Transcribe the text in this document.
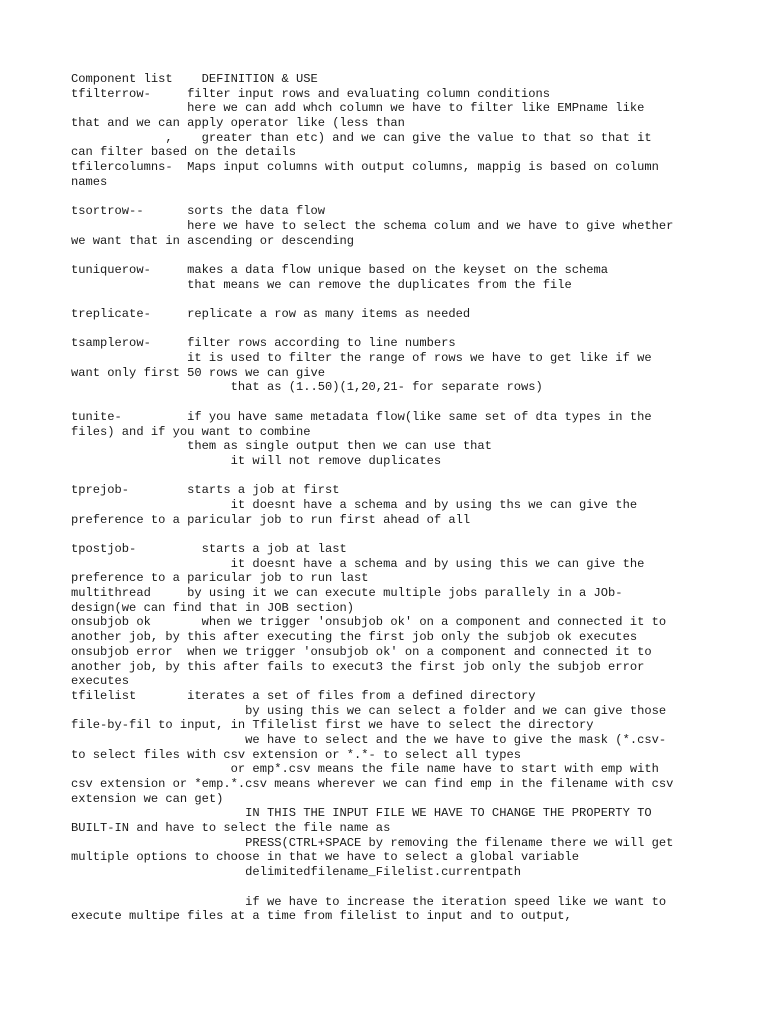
Component list    DEFINITION & USE
tfilterrow-     filter input rows and evaluating column conditions
here we can add whch column we have to filter like EMPname like
that and we can apply operator like (less than
,    greater than etc) and we can give the value to that so that it
can filter based on the details
tfilercolumns-  Maps input columns with output columns, mappig is based on column
names
tsortrow--      sorts the data flow
here we have to select the schema colum and we have to give whether
we want that in ascending or descending
tuniquerow-     makes a data flow unique based on the keyset on the schema
that means we can remove the duplicates from the file
treplicate-     replicate a row as many items as needed
tsamplerow-     filter rows according to line numbers
it is used to filter the range of rows we have to get like if we
want only first 50 rows we can give
that as (1..50)(1,20,21- for separate rows)
tunite-         if you have same metadata flow(like same set of dta types in the
files) and if you want to combine
them as single output then we can use that
it will not remove duplicates
tprejob-        starts a job at first
it doesnt have a schema and by using ths we can give the
preference to a paricular job to run first ahead of all
tpostjob-         starts a job at last
it doesnt have a schema and by using this we can give the
preference to a paricular job to run last
multithread     by using it we can execute multiple jobs parallely in a JOb-
design(we can find that in JOB section)
onsubjob ok       when we trigger 'onsubjob ok' on a component and connected it to
another job, by this after executing the first job only the subjob ok executes
onsubjob error  when we trigger 'onsubjob ok' on a component and connected it to
another job, by this after fails to execut3 the first job only the subjob error
executes
tfilelist       iterates a set of files from a defined directory
by using this we can select a folder and we can give those
file-by-fil to input, in Tfilelist first we have to select the directory
we have to select and the we have to give the mask (*.csv-
to select files with csv extension or *.*- to select all types
or emp*.csv means the file name have to start with emp with
csv extension or *emp.*.csv means wherever we can find emp in the filename with csv
extension we can get)
IN THIS THE INPUT FILE WE HAVE TO CHANGE THE PROPERTY TO
BUILT-IN and have to select the file name as
PRESS(CTRL+SPACE by removing the filename there we will get
multiple options to choose in that we have to select a global variable
delimitedfilename_Filelist.currentpath
if we have to increase the iteration speed like we want to
execute multipe files at a time from filelist to input and to output,
